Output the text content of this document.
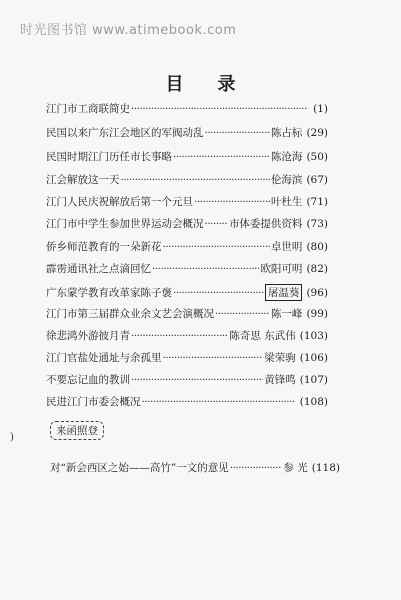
时光图书馆 www.atimebook.com
目录
江门市工商联简史 ·····	(1)
民国以来广东江会地区的军阀动乱 ·····	陈占标 (29)
民国时期江门历任市长事略 ·····	陈沧海 (50)
江会解放这一天 ·····	伦海滨 (67)
江门人民庆祝解放后第一个元旦 ·····	叶杜生 (71)
江门市中学生参加世界运动会概况 ····· 市体委提供资料 (73)
侨乡师范教育的一朵新花 ·····	卓世明 (80)
霹雳通讯社之点滴回忆 ·····	欧阳可明 (82)
广东蒙学教育改革家陈子褒 ·····	屠温葵 (96)
江门市第三届群众业余文艺会演概况 ·····	陈一峰 (99)
徐悲鸿外游彼月青 ·····	陈奇思 东武伟 (103)
江门官盐处通址与余孤里 ·····	梁荣驹 (106)
不要忘记血的教训 ·····	黄锋鸣 (107)
民进江门市委会概况 ·····	(108)
来函照登
对“新会西区之始——高竹”一文的意见 ·····	参 光 (118)
)
